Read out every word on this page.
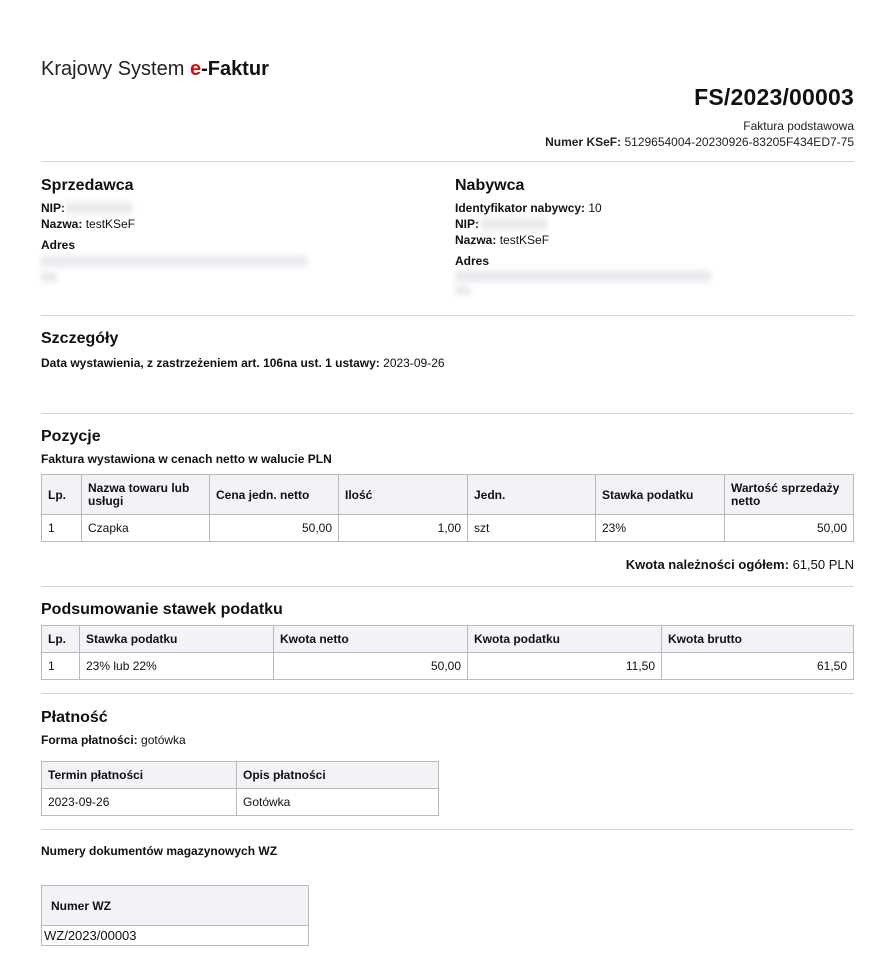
Krajowy System e-Faktur
FS/2023/00003
Faktura podstawowa
Numer KSeF: 5129654004-20230926-83205F434ED7-75
Sprzedawca
NIP:
Nazwa: testKSeF
Adres
Nabywca
Identyfikator nabywcy: 10
NIP:
Nazwa: testKSeF
Adres
Szczegóły
Data wystawienia, z zastrzeżeniem art. 106na ust. 1 ustawy: 2023-09-26
Pozycje
Faktura wystawiona w cenach netto w walucie PLN
Lp.	Nazwa towaru lub usługi	Cena jedn. netto	Ilość	Jedn.	Stawka podatku	Wartość sprzedaży netto
1	Czapka	50,00	1,00	szt	23%	50,00
Kwota należności ogółem: 61,50 PLN
Podsumowanie stawek podatku
Lp.	Stawka podatku	Kwota netto	Kwota podatku	Kwota brutto
1	23% lub 22%	50,00	11,50	61,50
Płatność
Forma płatności: gotówka
Termin płatności	Opis płatności
2023-09-26	Gotówka
Numery dokumentów magazynowych WZ
Numer WZ
WZ/2023/00003
